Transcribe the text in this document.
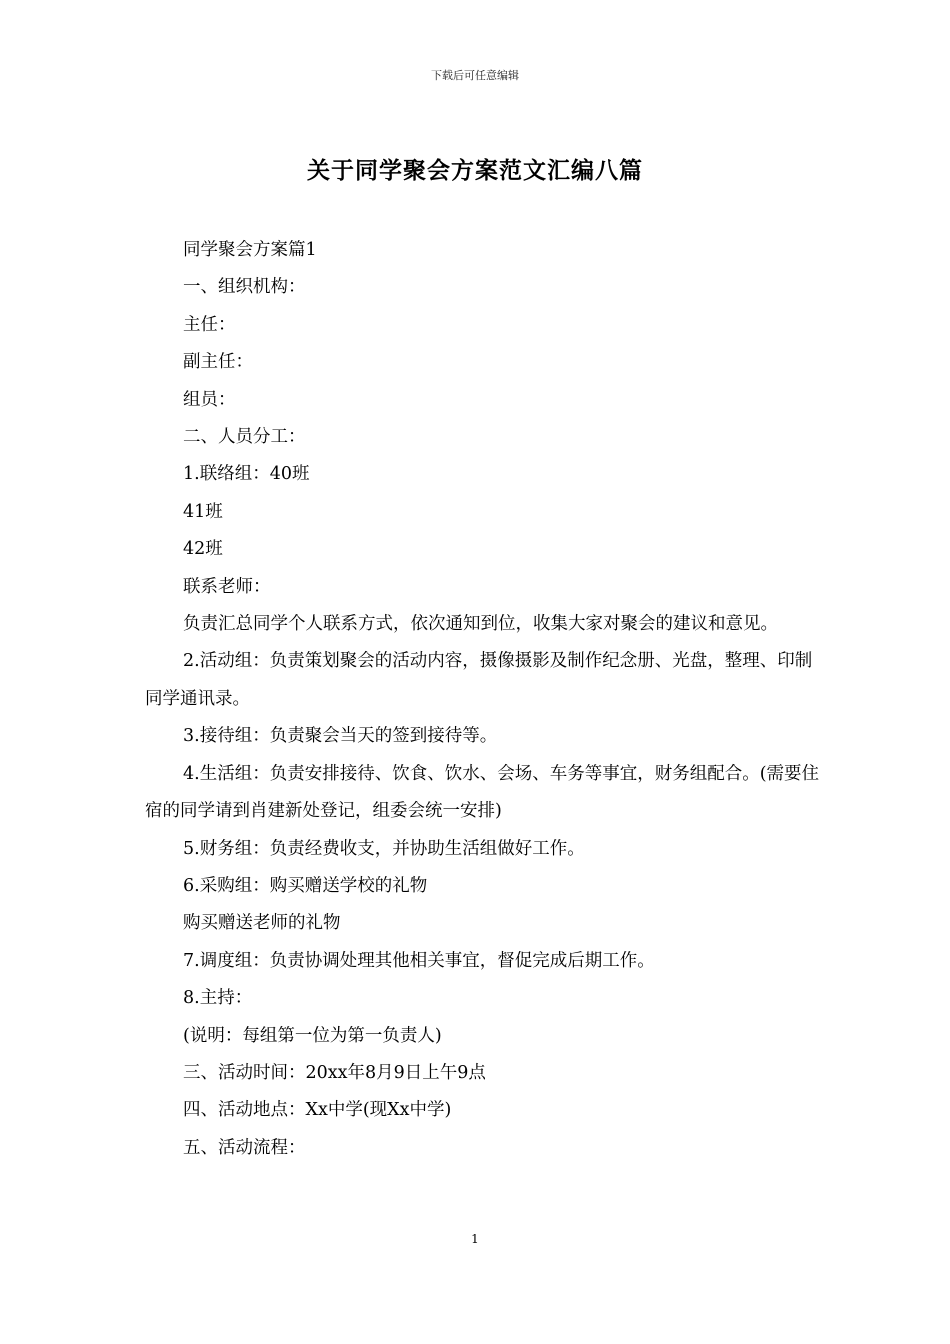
下载后可任意编辑
关于同学聚会方案范文汇编八篇

同学聚会方案篇1

一、组织机构：

主任：

副主任：

组员：

二、人员分工：

1.联络组：40班

41班

42班

联系老师：

负责汇总同学个人联系方式，依次通知到位，收集大家对聚会的建议和意见。

2.活动组：负责策划聚会的活动内容，摄像摄影及制作纪念册、光盘，整理、印制同学通讯录。

3.接待组：负责聚会当天的签到接待等。

4.生活组：负责安排接待、饮食、饮水、会场、车务等事宜，财务组配合。(需要住宿的同学请到肖建新处登记，组委会统一安排)

5.财务组：负责经费收支，并协助生活组做好工作。

6.采购组：购买赠送学校的礼物

购买赠送老师的礼物

7.调度组：负责协调处理其他相关事宜，督促完成后期工作。

8.主持：

(说明：每组第一位为第一负责人)

三、活动时间：20xx年8月9日上午9点

四、活动地点：Xx中学(现Xx中学)

五、活动流程：

1
